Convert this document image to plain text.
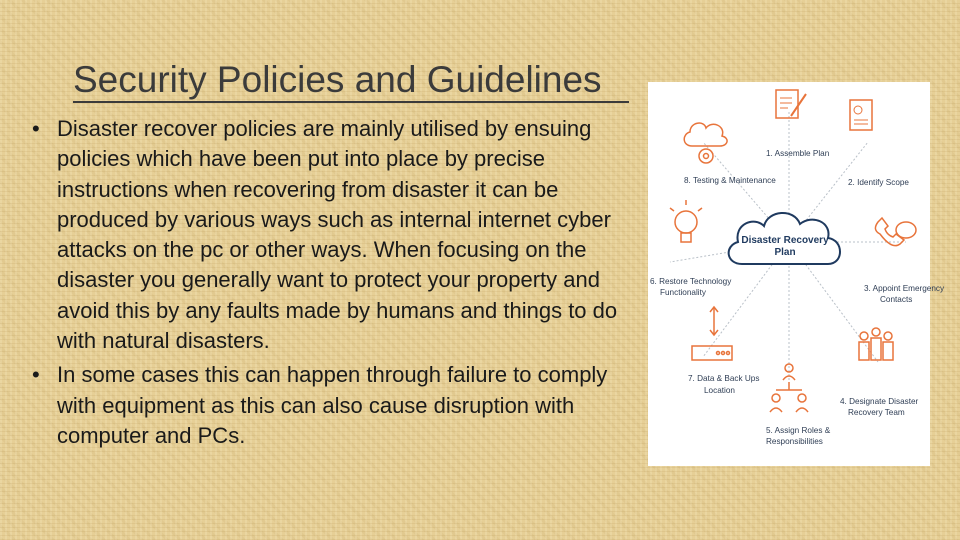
Security Policies and Guidelines
• Disaster recover policies are mainly utilised by ensuing policies which have been put into place by precise instructions when recovering from disaster it can be produced by various ways such as internal internet cyber attacks on the pc or other ways. When focusing on the disaster you generally want to protect your property and avoid this by any faults made by humans and things to do with natural disasters.
• In some cases this can happen through failure to comply with equipment as this can also cause disruption with computer and PCs.
Disaster Recovery
Plan
1. Assemble Plan
2. Identify Scope
3. Appoint Emergency
Contacts
4. Designate Disaster
Recovery Team
5. Assign Roles &
Responsibilities
7. Data & Back Ups
Location
6. Restore Technology
Functionality
8. Testing & Maintenance
